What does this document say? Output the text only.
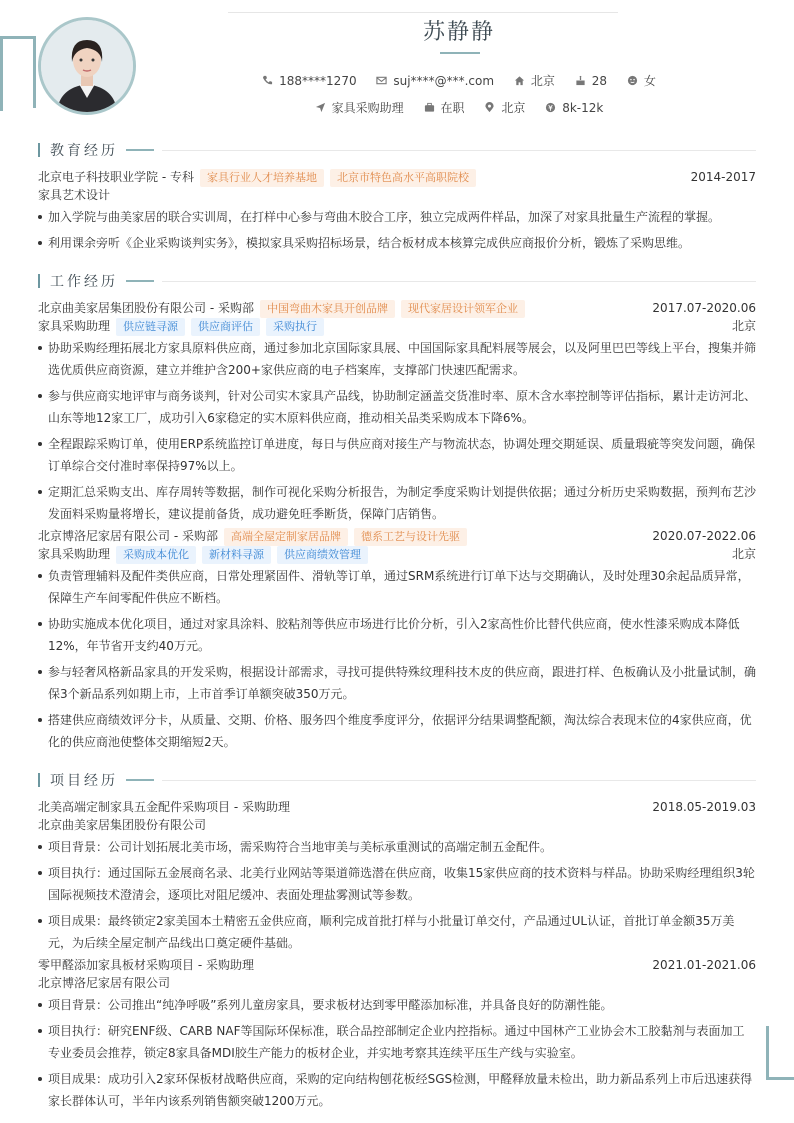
苏静静
188****1270	suj****@***.com	北京	28	女
家具采购助理	在职	北京	8k-12k
教育经历
北京电子科技职业学院 - 专科 家具行业人才培养基地 北京市特色高水平高职院校	2014-2017
家具艺术设计
加入学院与曲美家居的联合实训周，在打样中心参与弯曲木胶合工序，独立完成两件样品，加深了对家具批量生产流程的掌握。
利用课余旁听《企业采购谈判实务》，模拟家具采购招标场景，结合板材成本核算完成供应商报价分析，锻炼了采购思维。
工作经历
北京曲美家居集团股份有限公司 - 采购部 中国弯曲木家具开创品牌 现代家居设计领军企业	2017.07-2020.06
家具采购助理 供应链寻源 供应商评估 采购执行	北京
协助采购经理拓展北方家具原料供应商，通过参加北京国际家具展、中国国际家具配料展等展会，以及阿里巴巴等线上平台，搜集并筛选优质供应商资源，建立并维护含200+家供应商的电子档案库，支撑部门快速匹配需求。
参与供应商实地评审与商务谈判，针对公司实木家具产品线，协助制定涵盖交货准时率、原木含水率控制等评估指标，累计走访河北、山东等地12家工厂，成功引入6家稳定的实木原料供应商，推动相关品类采购成本下降6%。
全程跟踪采购订单，使用ERP系统监控订单进度，每日与供应商对接生产与物流状态，协调处理交期延误、质量瑕疵等突发问题，确保订单综合交付准时率保持97%以上。
定期汇总采购支出、库存周转等数据，制作可视化采购分析报告，为制定季度采购计划提供依据；通过分析历史采购数据，预判布艺沙发面料采购量将增长，建议提前备货，成功避免旺季断货，保障门店销售。
北京博洛尼家居有限公司 - 采购部 高端全屋定制家居品牌 德系工艺与设计先驱	2020.07-2022.06
家具采购助理 采购成本优化 新材料寻源 供应商绩效管理	北京
负责管理辅料及配件类供应商，日常处理紧固件、滑轨等订单，通过SRM系统进行订单下达与交期确认，及时处理30余起品质异常，保障生产车间零配件供应不断档。
协助实施成本优化项目，通过对家具涂料、胶粘剂等供应市场进行比价分析，引入2家高性价比替代供应商，使水性漆采购成本降低12%，年节省开支约40万元。
参与轻奢风格新品家具的开发采购，根据设计部需求，寻找可提供特殊纹理科技木皮的供应商，跟进打样、色板确认及小批量试制，确保3个新品系列如期上市，上市首季订单额突破350万元。
搭建供应商绩效评分卡，从质量、交期、价格、服务四个维度季度评分，依据评分结果调整配额，淘汰综合表现末位的4家供应商，优化的供应商池使整体交期缩短2天。
项目经历
北美高端定制家具五金配件采购项目 - 采购助理	2018.05-2019.03
北京曲美家居集团股份有限公司
项目背景：公司计划拓展北美市场，需采购符合当地审美与美标承重测试的高端定制五金配件。
项目执行：通过国际五金展商名录、北美行业网站等渠道筛选潜在供应商，收集15家供应商的技术资料与样品。协助采购经理组织3轮国际视频技术澄清会，逐项比对阻尼缓冲、表面处理盐雾测试等参数。
项目成果：最终锁定2家美国本土精密五金供应商，顺利完成首批打样与小批量订单交付，产品通过UL认证，首批订单金额35万美元，为后续全屋定制产品线出口奠定硬件基础。
零甲醛添加家具板材采购项目 - 采购助理	2021.01-2021.06
北京博洛尼家居有限公司
项目背景：公司推出“纯净呼吸”系列儿童房家具，要求板材达到零甲醛添加标准，并具备良好的防潮性能。
项目执行：研究ENF级、CARB NAF等国际环保标准，联合品控部制定企业内控指标。通过中国林产工业协会木工胶黏剂与表面加工专业委员会推荐，锁定8家具备MDI胶生产能力的板材企业，并实地考察其连续平压生产线与实验室。
项目成果：成功引入2家环保板材战略供应商，采购的定向结构刨花板经SGS检测，甲醛释放量未检出，助力新品系列上市后迅速获得家长群体认可，半年内该系列销售额突破1200万元。
